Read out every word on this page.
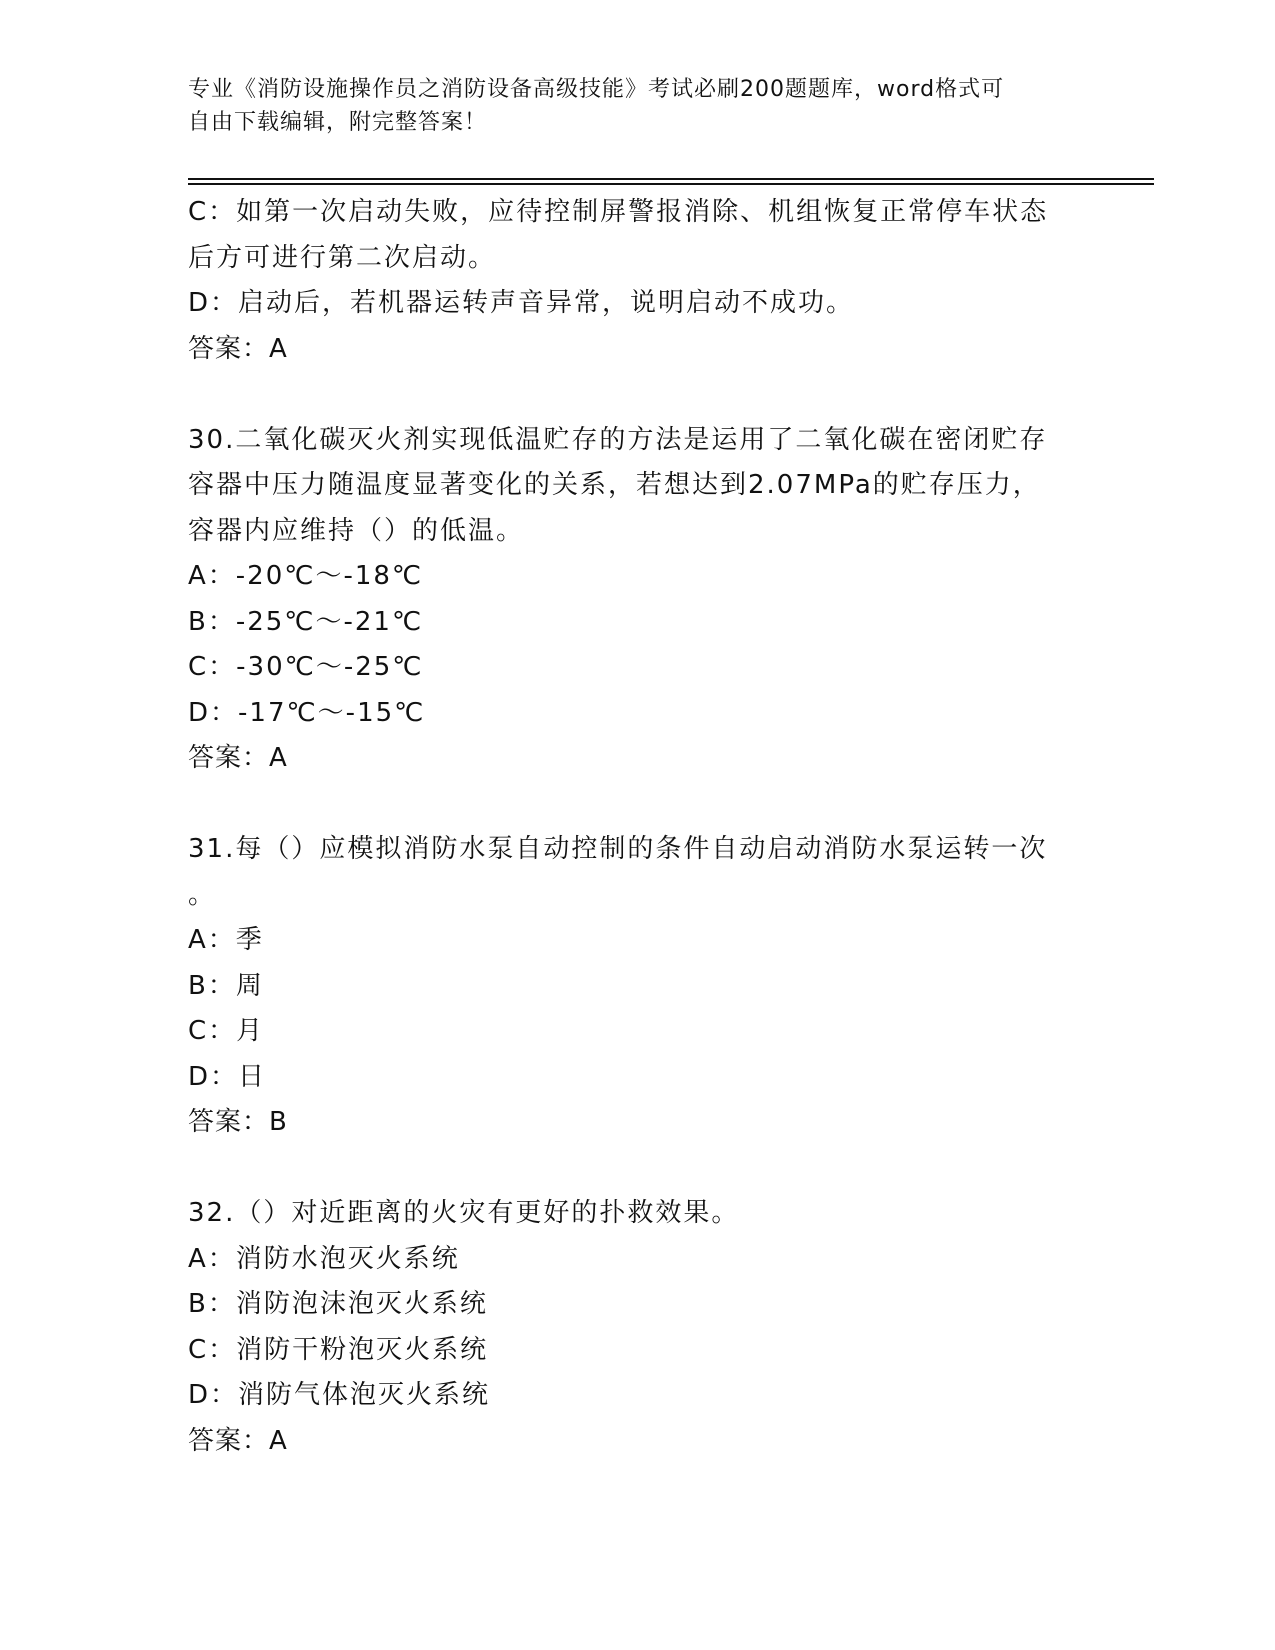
专业《消防设施操作员之消防设备高级技能》考试必刷200题题库，word格式可
自由下载编辑，附完整答案！
C：如第一次启动失败，应待控制屏警报消除、机组恢复正常停车状态
后方可进行第二次启动。
D：启动后，若机器运转声音异常，说明启动不成功。
答案：A
30.二氧化碳灭火剂实现低温贮存的方法是运用了二氧化碳在密闭贮存
容器中压力随温度显著变化的关系，若想达到2.07MPa的贮存压力，
容器内应维持（）的低温。
A：-20℃～-18℃
B：-25℃～-21℃
C：-30℃～-25℃
D：-17℃～-15℃
答案：A
31.每（）应模拟消防水泵自动控制的条件自动启动消防水泵运转一次
。
A：季
B：周
C：月
D：日
答案：B
32.（）对近距离的火灾有更好的扑救效果。
A：消防水泡灭火系统
B：消防泡沫泡灭火系统
C：消防干粉泡灭火系统
D：消防气体泡灭火系统
答案：A
